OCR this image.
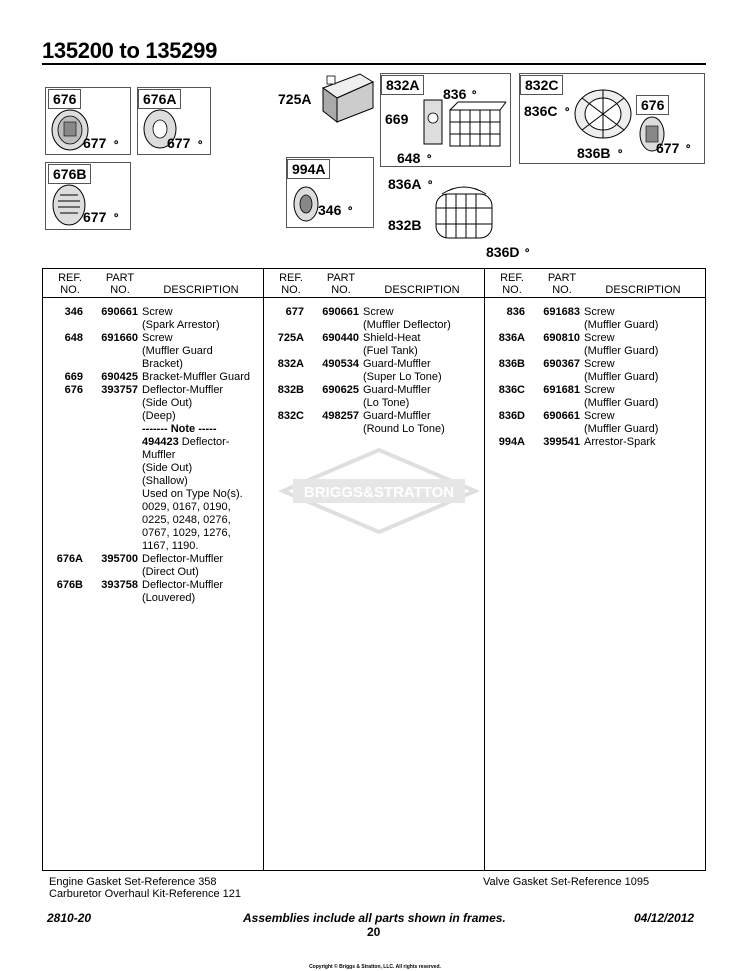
135200 to 135299
676
677 ⚬
676A
677 ⚬
676B
677 ⚬
725A
994A
346 ⚬
832A
836 ⚬
669
648 ⚬
836A ⚬
832B
836D ⚬
832C
836C ⚬	676
836B ⚬ 677 ⚬
REF.
NO.
PART
NO.	DESCRIPTION
346	690661 Screw
(Spark Arrestor)
648	691660 Screw
(Muffler Guard
Bracket)
669	690425 Bracket-Muffler Guard
676	393757 Deflector-Muffler
(Side Out)
(Deep)
------- Note -----
494423 Deflector-
Muffler
(Side Out)
(Shallow)
Used on Type No(s).
0029, 0167, 0190,
0225, 0248, 0276,
0767, 1029, 1276,
1167, 1190.
676A	395700 Deflector-Muffler
(Direct Out)
676B	393758 Deflector-Muffler
(Louvered)
REF.
NO.
PART
NO.	DESCRIPTION
677	690661 Screw
(Muffler Deflector)
725A	690440 Shield-Heat
(Fuel Tank)
832A	490534 Guard-Muffler
(Super Lo Tone)
832B	690625 Guard-Muffler
(Lo Tone)
832C	498257 Guard-Muffler
(Round Lo Tone)
REF.
NO.
PART
NO.	DESCRIPTION
836	691683 Screw
(Muffler Guard)
836A	690810 Screw
(Muffler Guard)
836B	690367 Screw
(Muffler Guard)
836C	691681 Screw
(Muffler Guard)
836D	690661 Screw
(Muffler Guard)
994A	399541 Arrestor-Spark
BRIGGS&STRATTON
Engine Gasket Set-Reference 358
Carburetor Overhaul Kit-Reference 121
Valve Gasket Set-Reference 1095
2810-20	Assemblies include all parts shown in frames.
20
04/12/2012
Copyright © Briggs & Stratton, LLC. All rights reserved.
